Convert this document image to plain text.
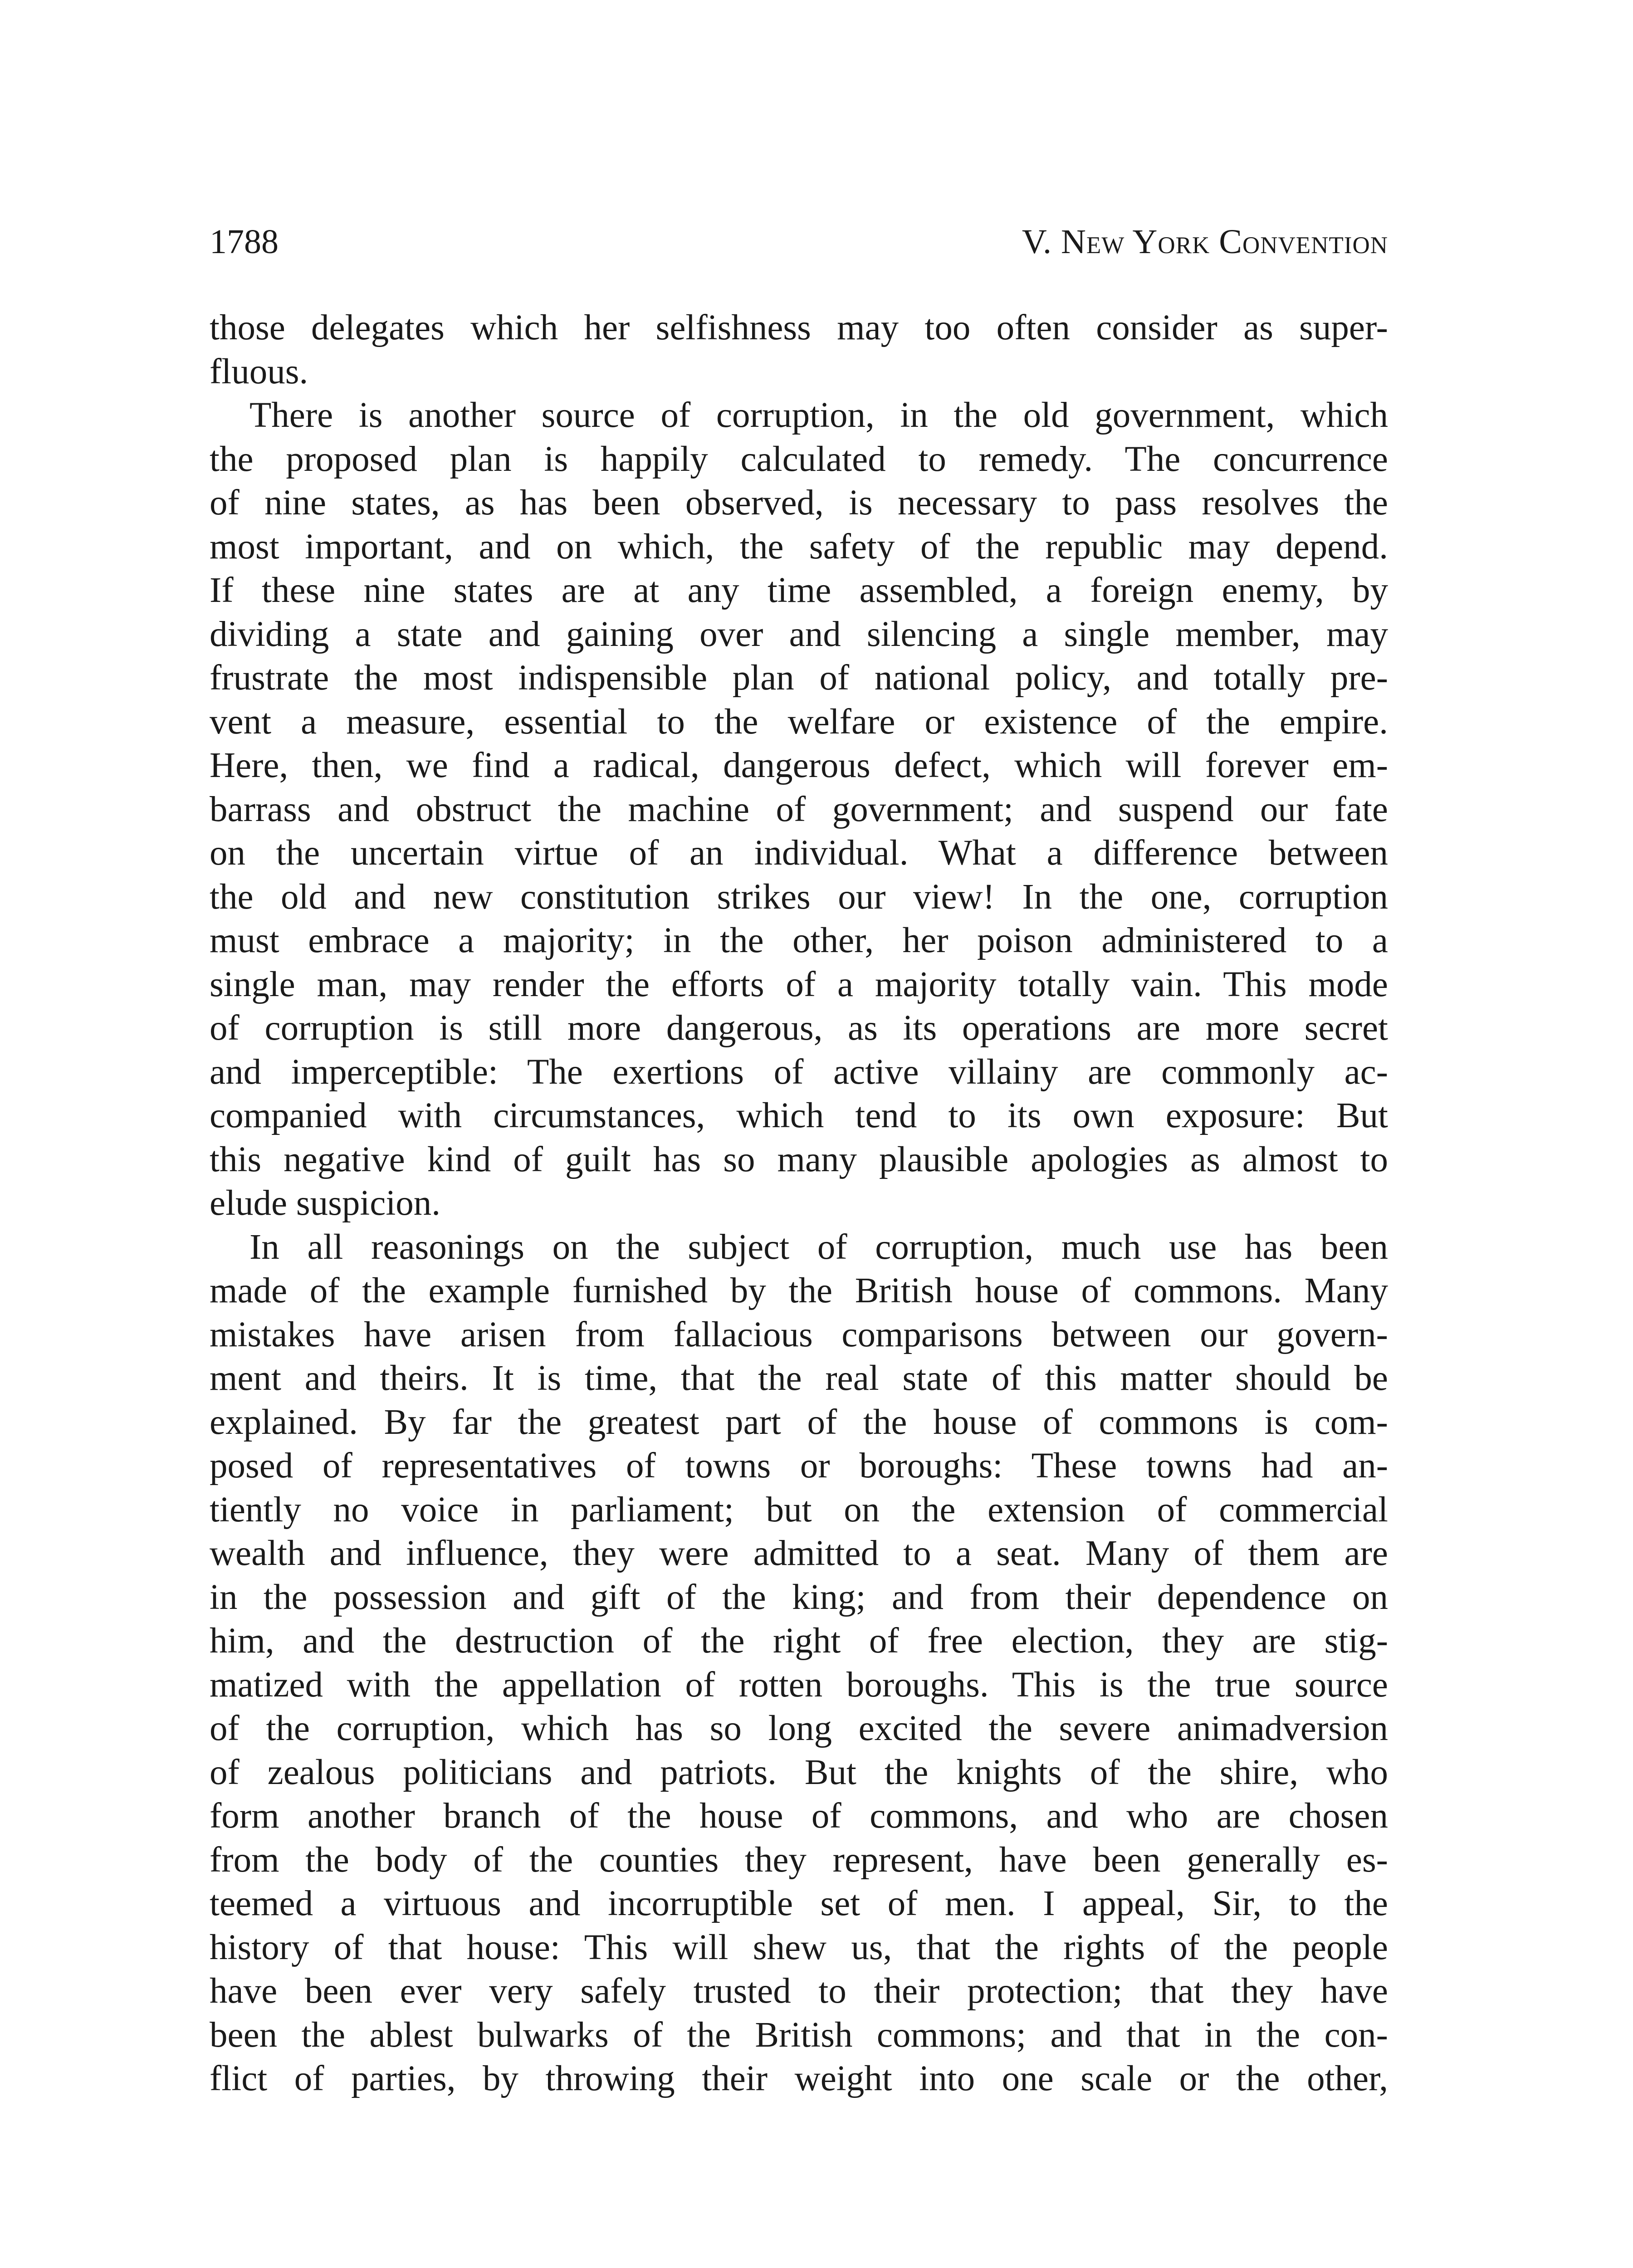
1788	V. New York Convention
those delegates which her selfishness may too often consider as super-
fluous.
There is another source of corruption, in the old government, which
the proposed plan is happily calculated to remedy. The concurrence
of nine states, as has been observed, is necessary to pass resolves the
most important, and on which, the safety of the republic may depend.
If these nine states are at any time assembled, a foreign enemy, by
dividing a state and gaining over and silencing a single member, may
frustrate the most indispensible plan of national policy, and totally pre-
vent a measure, essential to the welfare or existence of the empire.
Here, then, we find a radical, dangerous defect, which will forever em-
barrass and obstruct the machine of government; and suspend our fate
on the uncertain virtue of an individual. What a difference between
the old and new constitution strikes our view! In the one, corruption
must embrace a majority; in the other, her poison administered to a
single man, may render the efforts of a majority totally vain. This mode
of corruption is still more dangerous, as its operations are more secret
and imperceptible: The exertions of active villainy are commonly ac-
companied with circumstances, which tend to its own exposure: But
this negative kind of guilt has so many plausible apologies as almost to
elude suspicion.
In all reasonings on the subject of corruption, much use has been
made of the example furnished by the British house of commons. Many
mistakes have arisen from fallacious comparisons between our govern-
ment and theirs. It is time, that the real state of this matter should be
explained. By far the greatest part of the house of commons is com-
posed of representatives of towns or boroughs: These towns had an-
tiently no voice in parliament; but on the extension of commercial
wealth and influence, they were admitted to a seat. Many of them are
in the possession and gift of the king; and from their dependence on
him, and the destruction of the right of free election, they are stig-
matized with the appellation of rotten boroughs. This is the true source
of the corruption, which has so long excited the severe animadversion
of zealous politicians and patriots. But the knights of the shire, who
form another branch of the house of commons, and who are chosen
from the body of the counties they represent, have been generally es-
teemed a virtuous and incorruptible set of men. I appeal, Sir, to the
history of that house: This will shew us, that the rights of the people
have been ever very safely trusted to their protection; that they have
been the ablest bulwarks of the British commons; and that in the con-
flict of parties, by throwing their weight into one scale or the other,
